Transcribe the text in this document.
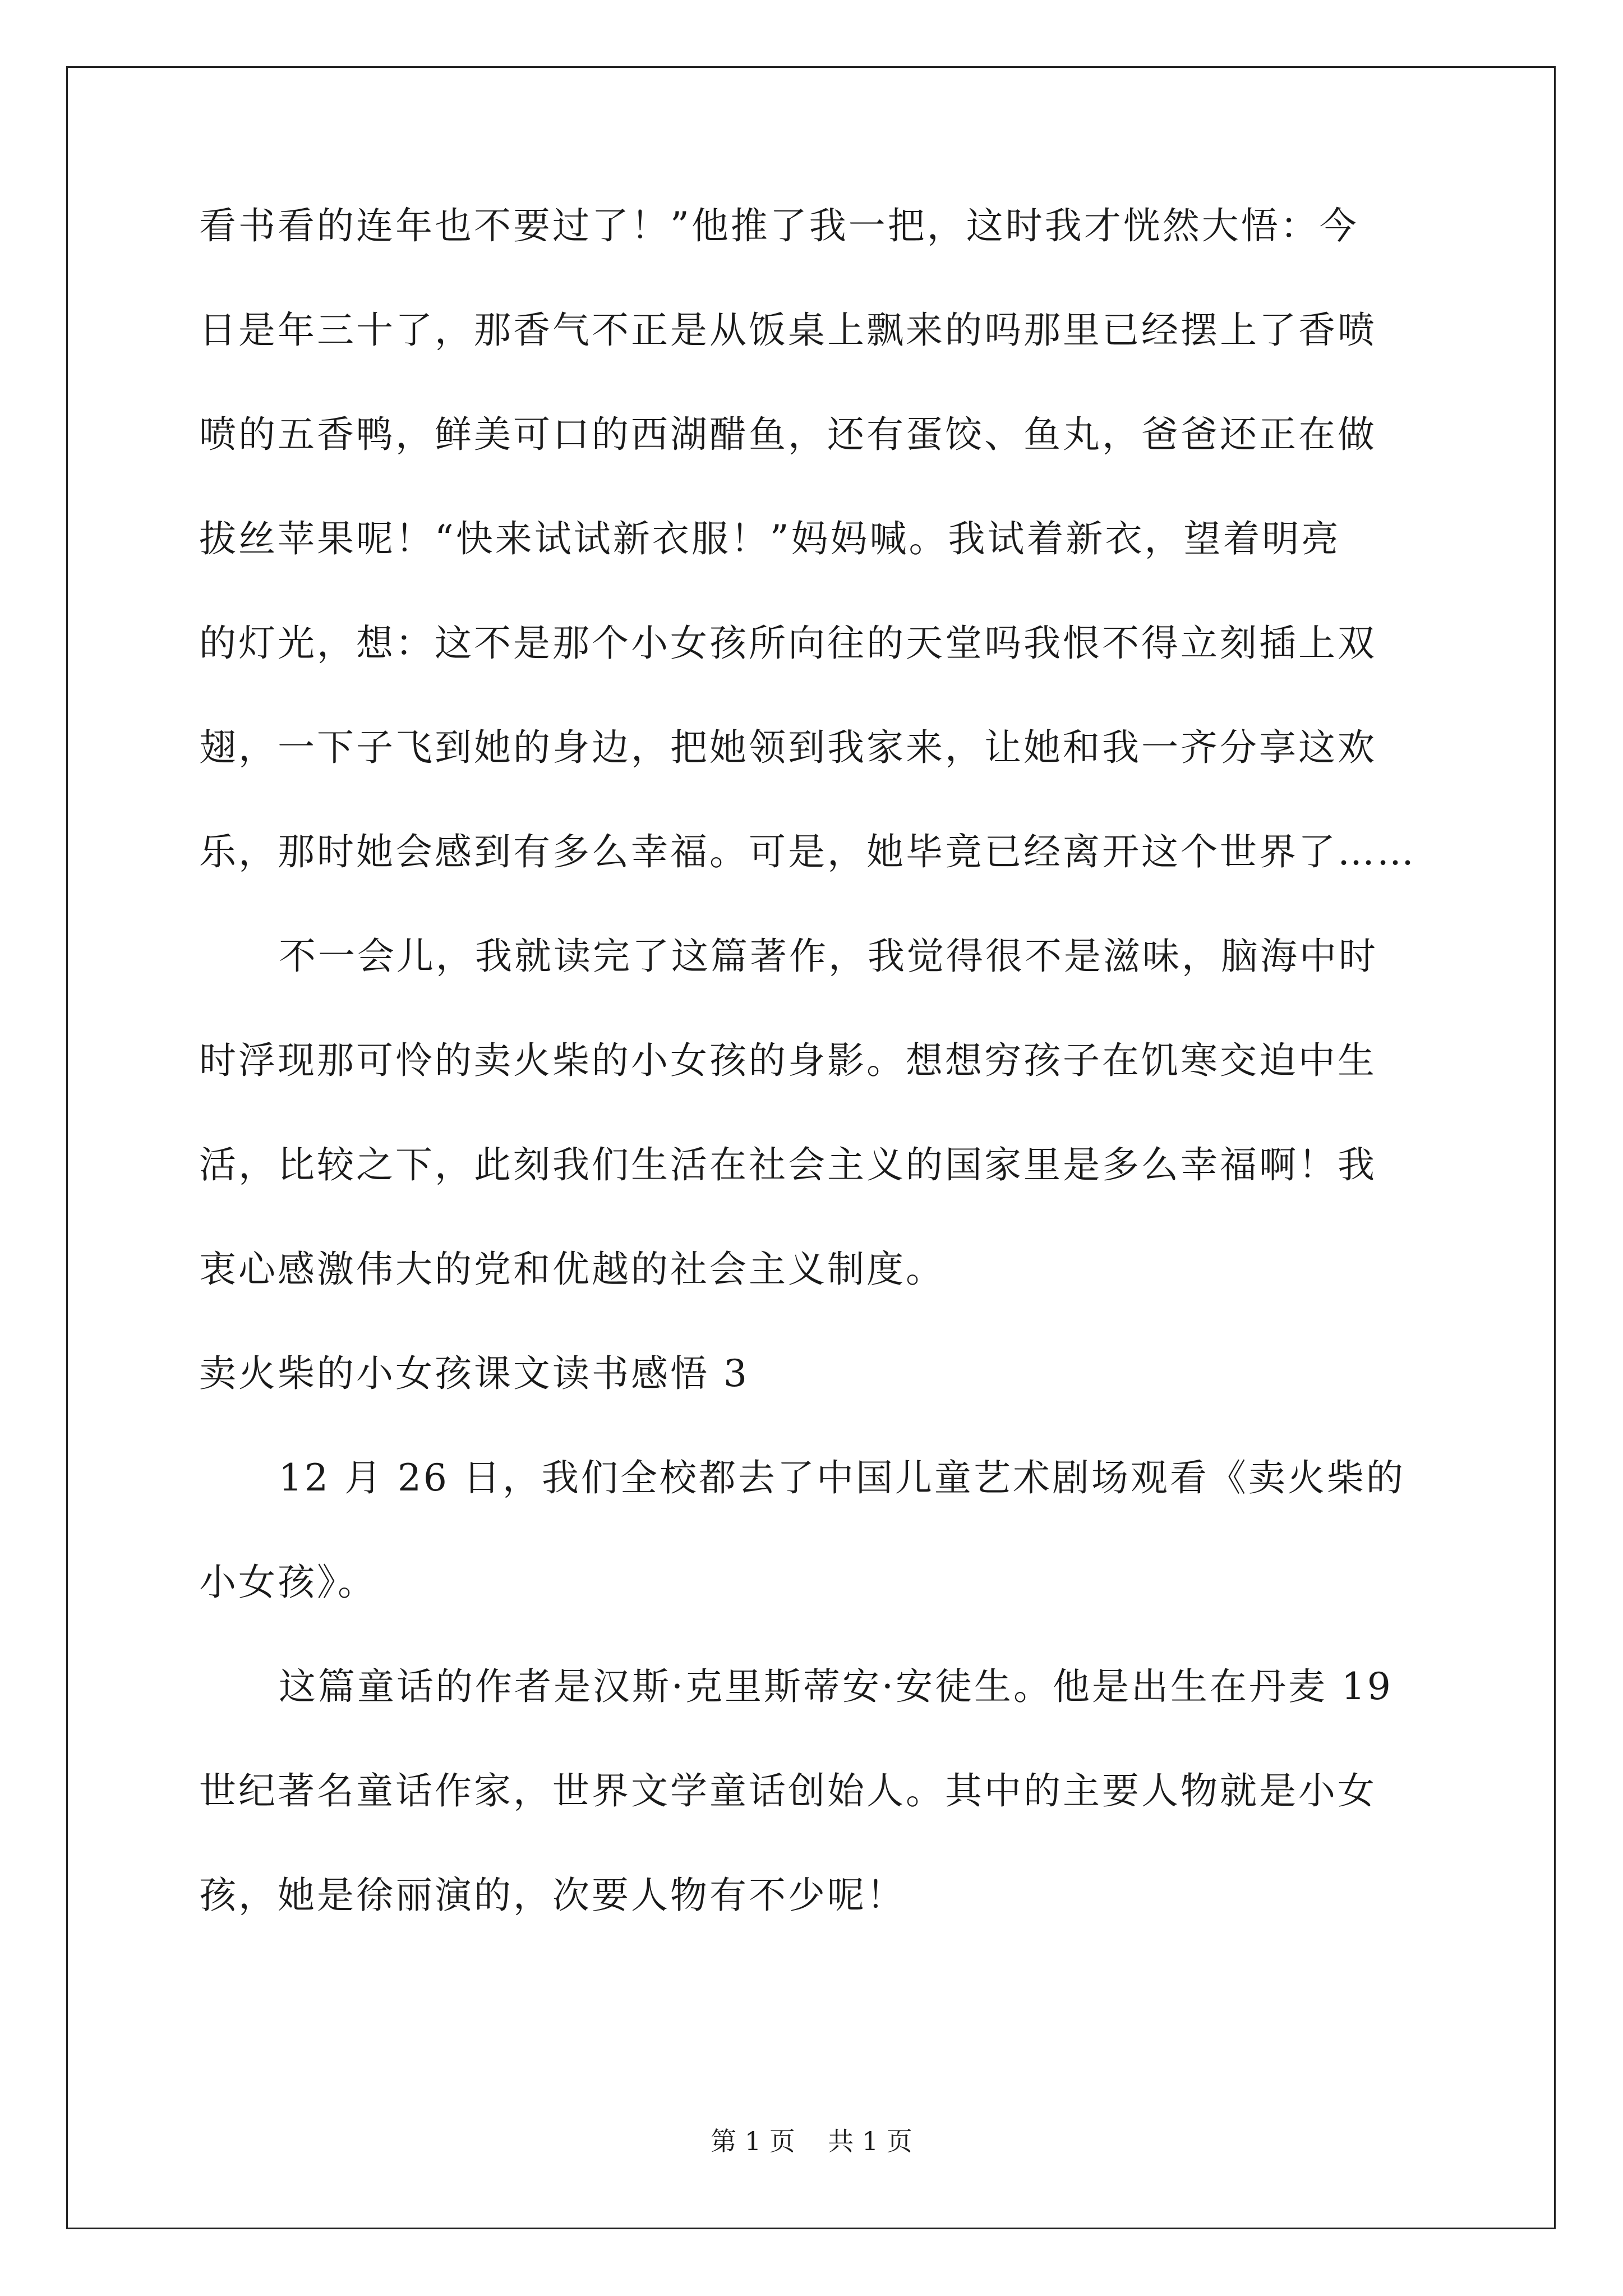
看书看的连年也不要过了！”他推了我一把，这时我才恍然大悟：今
日是年三十了，那香气不正是从饭桌上飘来的吗那里已经摆上了香喷
喷的五香鸭，鲜美可口的西湖醋鱼，还有蛋饺、鱼丸，爸爸还正在做
拔丝苹果呢！“快来试试新衣服！”妈妈喊。我试着新衣，望着明亮
的灯光，想：这不是那个小女孩所向往的天堂吗我恨不得立刻插上双
翅，一下子飞到她的身边，把她领到我家来，让她和我一齐分享这欢
乐，那时她会感到有多么幸福。可是，她毕竟已经离开这个世界了……
不一会儿，我就读完了这篇著作，我觉得很不是滋味，脑海中时
时浮现那可怜的卖火柴的小女孩的身影。想想穷孩子在饥寒交迫中生
活，比较之下，此刻我们生活在社会主义的国家里是多么幸福啊！我
衷心感激伟大的党和优越的社会主义制度。
卖火柴的小女孩课文读书感悟 3
12 月 26 日，我们全校都去了中国儿童艺术剧场观看《卖火柴的
小女孩》。
这篇童话的作者是汉斯·克里斯蒂安·安徒生。他是出生在丹麦 19
世纪著名童话作家，世界文学童话创始人。其中的主要人物就是小女
孩，她是徐丽演的，次要人物有不少呢！
第 1 页    共 1 页
